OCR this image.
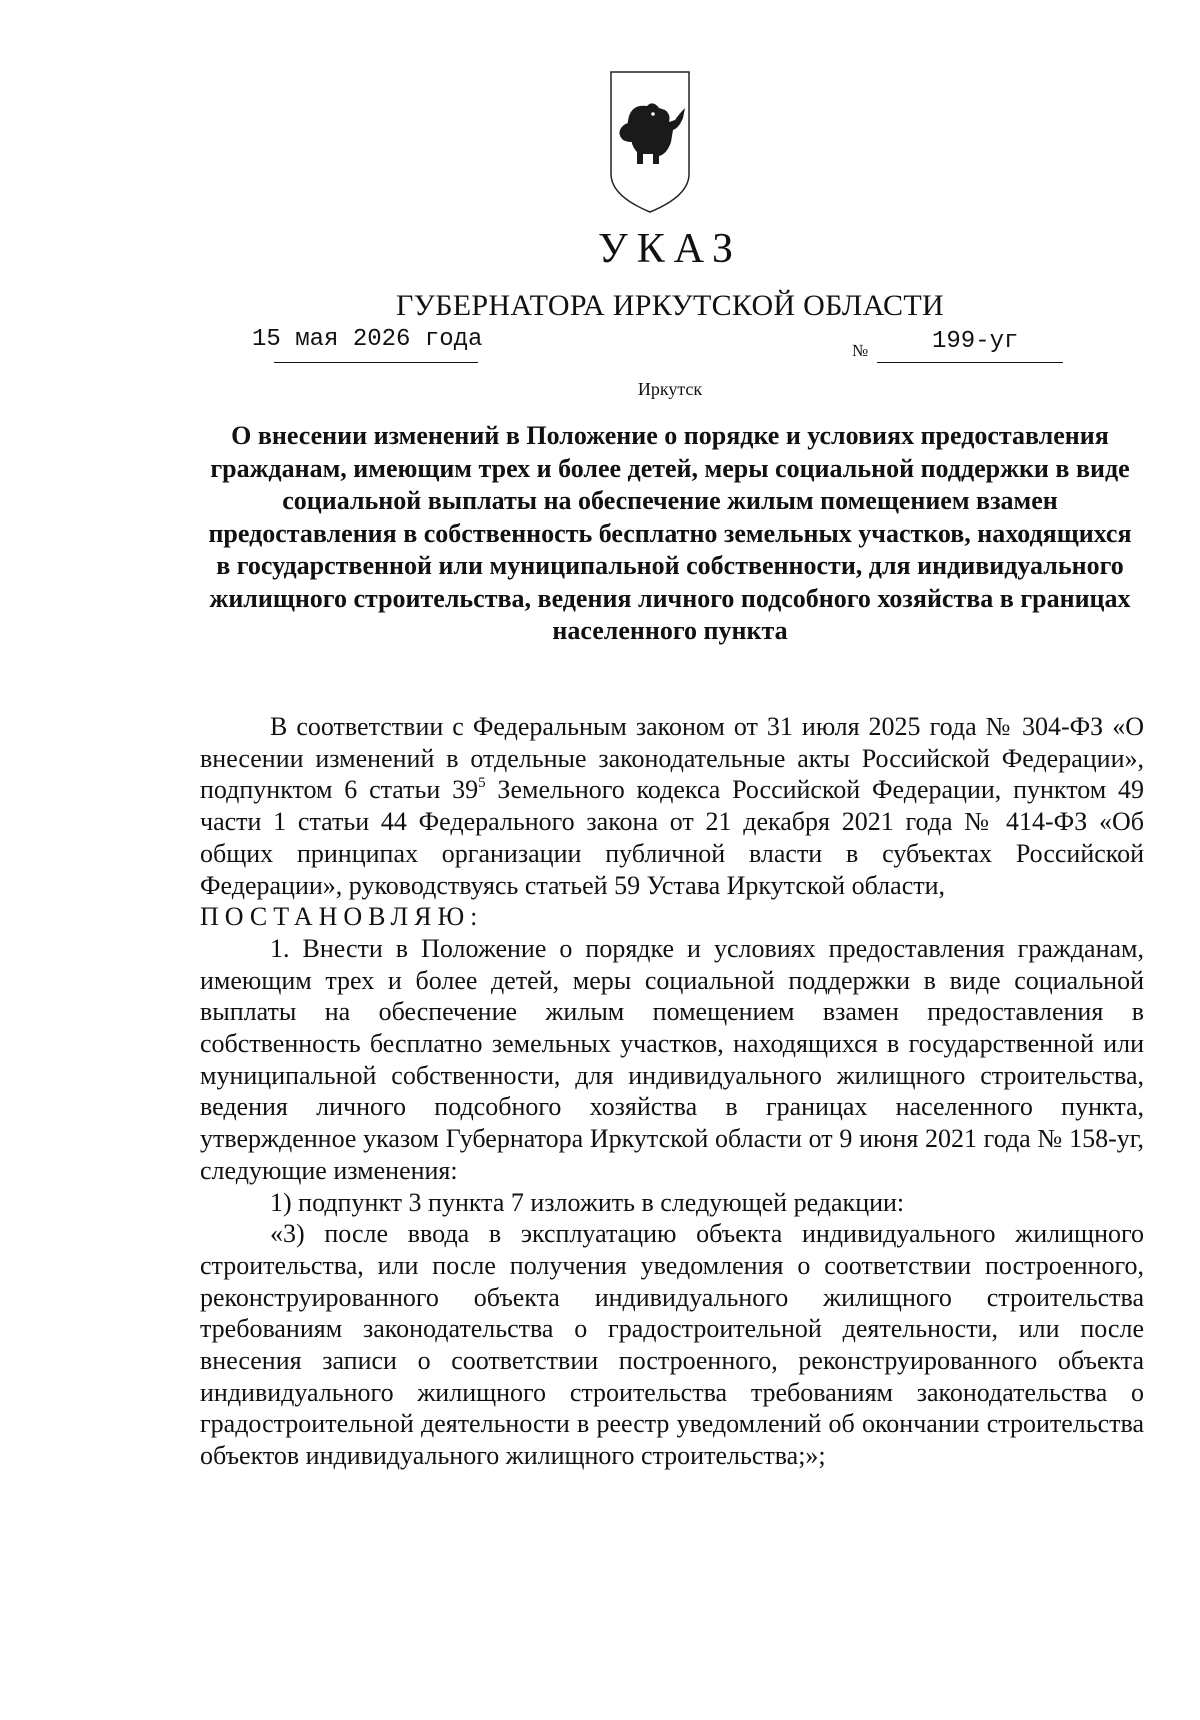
УКАЗ
ГУБЕРНАТОРА ИРКУТСКОЙ ОБЛАСТИ
15 мая 2026 года	№	199-уг
Иркутск
О внесении изменений в Положение о порядке и условиях предоставления гражданам, имеющим трех и более детей, меры социальной поддержки в виде социальной выплаты на обеспечение жилым помещением взамен предоставления в собственность бесплатно земельных участков, находящихся в государственной или муниципальной собственности, для индивидуального жилищного строительства, ведения личного подсобного хозяйства в границах населенного пункта

В соответствии с Федеральным законом от 31 июля 2025 года № 304-ФЗ «О внесении изменений в отдельные законодательные акты Российской Федерации», подпунктом 6 статьи $39^5$ Земельного кодекса Российской Федерации, пунктом 49 части 1 статьи 44 Федерального закона от 21 декабря 2021 года № 414-ФЗ «Об общих принципах организации публичной власти в субъектах Российской Федерации», руководствуясь статьей 59 Устава Иркутской области,

ПОСТАНОВЛЯЮ:

1. Внести в Положение о порядке и условиях предоставления гражданам, имеющим трех и более детей, меры социальной поддержки в виде социальной выплаты на обеспечение жилым помещением взамен предоставления в собственность бесплатно земельных участков, находящихся в государственной или муниципальной собственности, для индивидуального жилищного строительства, ведения личного подсобного хозяйства в границах населенного пункта, утвержденное указом Губернатора Иркутской области от 9 июня 2021 года № 158-уг, следующие изменения:

1) подпункт 3 пункта 7 изложить в следующей редакции:

«3) после ввода в эксплуатацию объекта индивидуального жилищного строительства, или после получения уведомления о соответствии построенного, реконструированного объекта индивидуального жилищного строительства требованиям законодательства о градостроительной деятельности, или после внесения записи о соответствии построенного, реконструированного объекта индивидуального жилищного строительства требованиям законодательства о градостроительной деятельности в реестр уведомлений об окончании строительства объектов индивидуального жилищного строительства;»;
